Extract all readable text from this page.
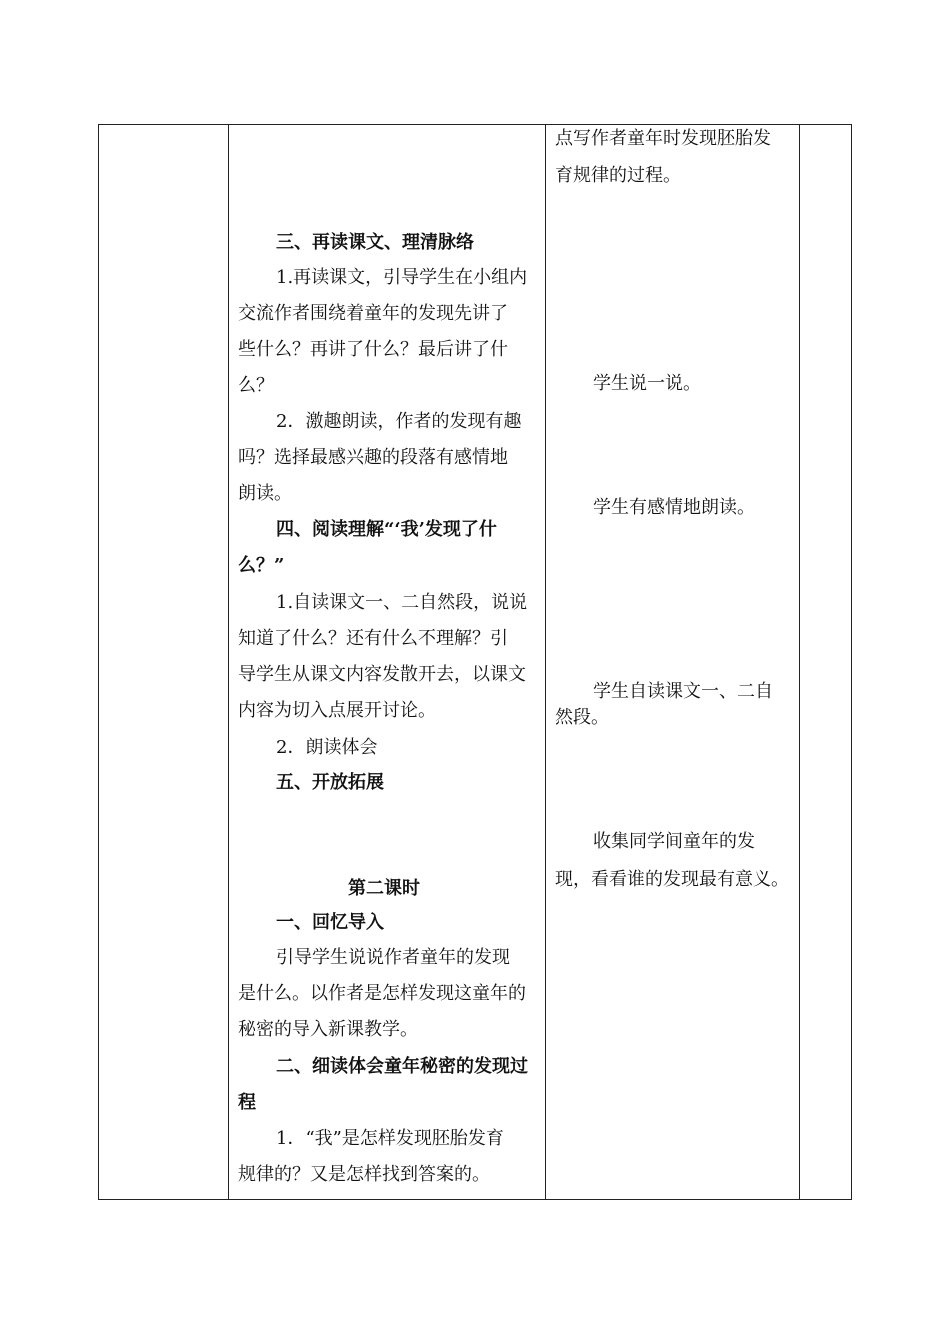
三、再读课文、理清脉络
1.再读课文，引导学生在小组内
交流作者围绕着童年的发现先讲了
些什么？再讲了什么？最后讲了什
么？
2．激趣朗读，作者的发现有趣
吗？选择最感兴趣的段落有感情地
朗读。
四、阅读理解“‘我’发现了什
么？”
1.自读课文一、二自然段，说说
知道了什么？还有什么不理解？引
导学生从课文内容发散开去，以课文
内容为切入点展开讨论。
2．朗读体会
五、开放拓展
第二课时
一、回忆导入
引导学生说说作者童年的发现
是什么。以作者是怎样发现这童年的
秘密的导入新课教学。
二、细读体会童年秘密的发现过
程
1．“我”是怎样发现胚胎发育
规律的？又是怎样找到答案的。
点写作者童年时发现胚胎发
育规律的过程。
学生说一说。
学生有感情地朗读。
学生自读课文一、二自
然段。
收集同学间童年的发
现，看看谁的发现最有意义。
